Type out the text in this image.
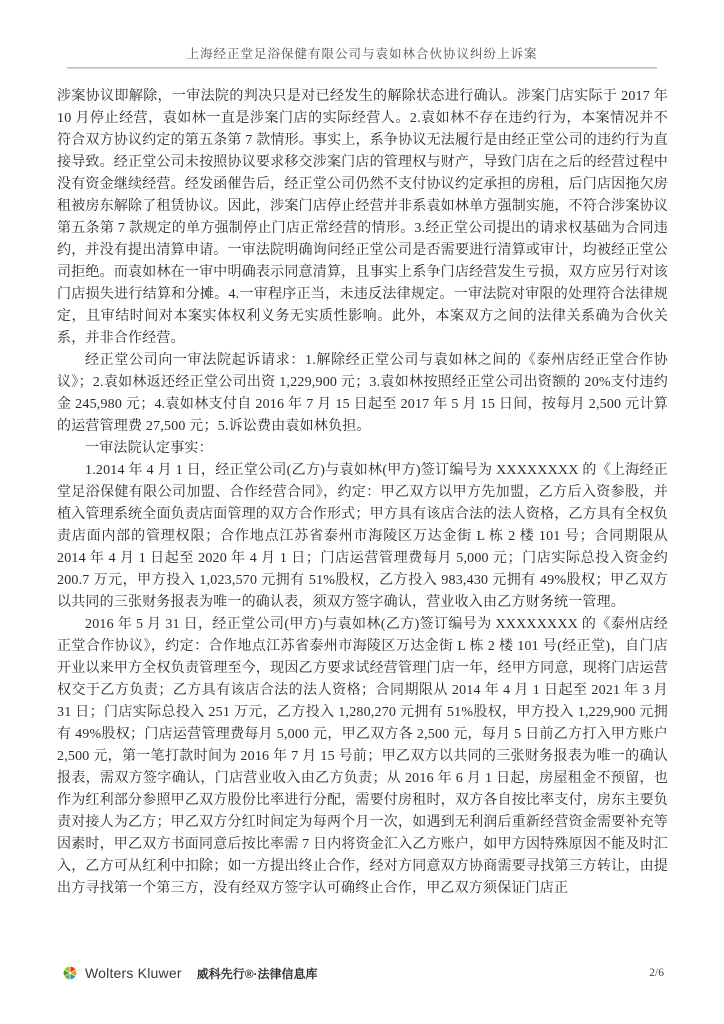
上海经正堂足浴保健有限公司与袁如林合伙协议纠纷上诉案

涉案协议即解除，一审法院的判决只是对已经发生的解除状态进行确认。涉案门店实际于 2017 年 10 月停止经营，袁如林一直是涉案门店的实际经营人。2.袁如林不存在违约行为，本案情况并不符合双方协议约定的第五条第 7 款情形。事实上，系争协议无法履行是由经正堂公司的违约行为直接导致。经正堂公司未按照协议要求移交涉案门店的管理权与财产，导致门店在之后的经营过程中没有资金继续经营。经发函催告后，经正堂公司仍然不支付协议约定承担的房租，后门店因拖欠房租被房东解除了租赁协议。因此，涉案门店停止经营并非系袁如林单方强制实施，不符合涉案协议第五条第 7 款规定的单方强制停止门店正常经营的情形。3.经正堂公司提出的请求权基础为合同违约，并没有提出清算申请。一审法院明确询问经正堂公司是否需要进行清算或审计，均被经正堂公司拒绝。而袁如林在一审中明确表示同意清算，且事实上系争门店经营发生亏损，双方应另行对该门店损失进行结算和分摊。4.一审程序正当，未违反法律规定。一审法院对审限的处理符合法律规定，且审结时间对本案实体权利义务无实质性影响。此外，本案双方之间的法律关系确为合伙关系，并非合作经营。

经正堂公司向一审法院起诉请求：1.解除经正堂公司与袁如林之间的《泰州店经正堂合作协议》；2.袁如林返还经正堂公司出资 1,229,900 元；3.袁如林按照经正堂公司出资额的 20%支付违约金 245,980 元；4.袁如林支付自 2016 年 7 月 15 日起至 2017 年 5 月 15 日间，按每月 2,500 元计算的运营管理费 27,500 元；5.诉讼费由袁如林负担。

一审法院认定事实：

1.2014 年 4 月 1 日，经正堂公司(乙方)与袁如林(甲方)签订编号为 XXXXXXXX 的《上海经正堂足浴保健有限公司加盟、合作经营合同》，约定：甲乙双方以甲方先加盟，乙方后入资参股，并植入管理系统全面负责店面管理的双方合作形式；甲方具有该店合法的法人资格，乙方具有全权负责店面内部的管理权限；合作地点江苏省泰州市海陵区万达金街 L 栋 2 楼 101 号；合同期限从 2014 年 4 月 1 日起至 2020 年 4 月 1 日；门店运营管理费每月 5,000 元；门店实际总投入资金约 200.7 万元，甲方投入 1,023,570 元拥有 51%股权，乙方投入 983,430 元拥有 49%股权；甲乙双方以共同的三张财务报表为唯一的确认表，须双方签字确认，营业收入由乙方财务统一管理。

2016 年 5 月 31 日，经正堂公司(甲方)与袁如林(乙方)签订编号为 XXXXXXXX 的《泰州店经正堂合作协议》，约定：合作地点江苏省泰州市海陵区万达金街 L 栋 2 楼 101 号(经正堂)，自门店开业以来甲方全权负责管理至今，现因乙方要求试经营管理门店一年，经甲方同意，现将门店运营权交于乙方负责；乙方具有该店合法的法人资格；合同期限从 2014 年 4 月 1 日起至 2021 年 3 月 31 日；门店实际总投入 251 万元，乙方投入 1,280,270 元拥有 51%股权，甲方投入 1,229,900 元拥有 49%股权；门店运营管理费每月 5,000 元，甲乙双方各 2,500 元，每月 5 日前乙方打入甲方账户 2,500 元，第一笔打款时间为 2016 年 7 月 15 号前；甲乙双方以共同的三张财务报表为唯一的确认报表，需双方签字确认，门店营业收入由乙方负责；从 2016 年 6 月 1 日起，房屋租金不预留，也作为红利部分参照甲乙双方股份比率进行分配，需要付房租时，双方各自按比率支付，房东主要负责对接人为乙方；甲乙双方分红时间定为每两个月一次，如遇到无利润后重新经营资金需要补充等因素时，甲乙双方书面同意后按比率需 7 日内将资金汇入乙方账户，如甲方因特殊原因不能及时汇入，乙方可从红利中扣除；如一方提出终止合作，经对方同意双方协商需要寻找第三方转让，由提出方寻找第一个第三方，没有经双方签字认可确终止合作，甲乙双方须保证门店正

Wolters Kluwer 威科先行®·法律信息库	2/6
